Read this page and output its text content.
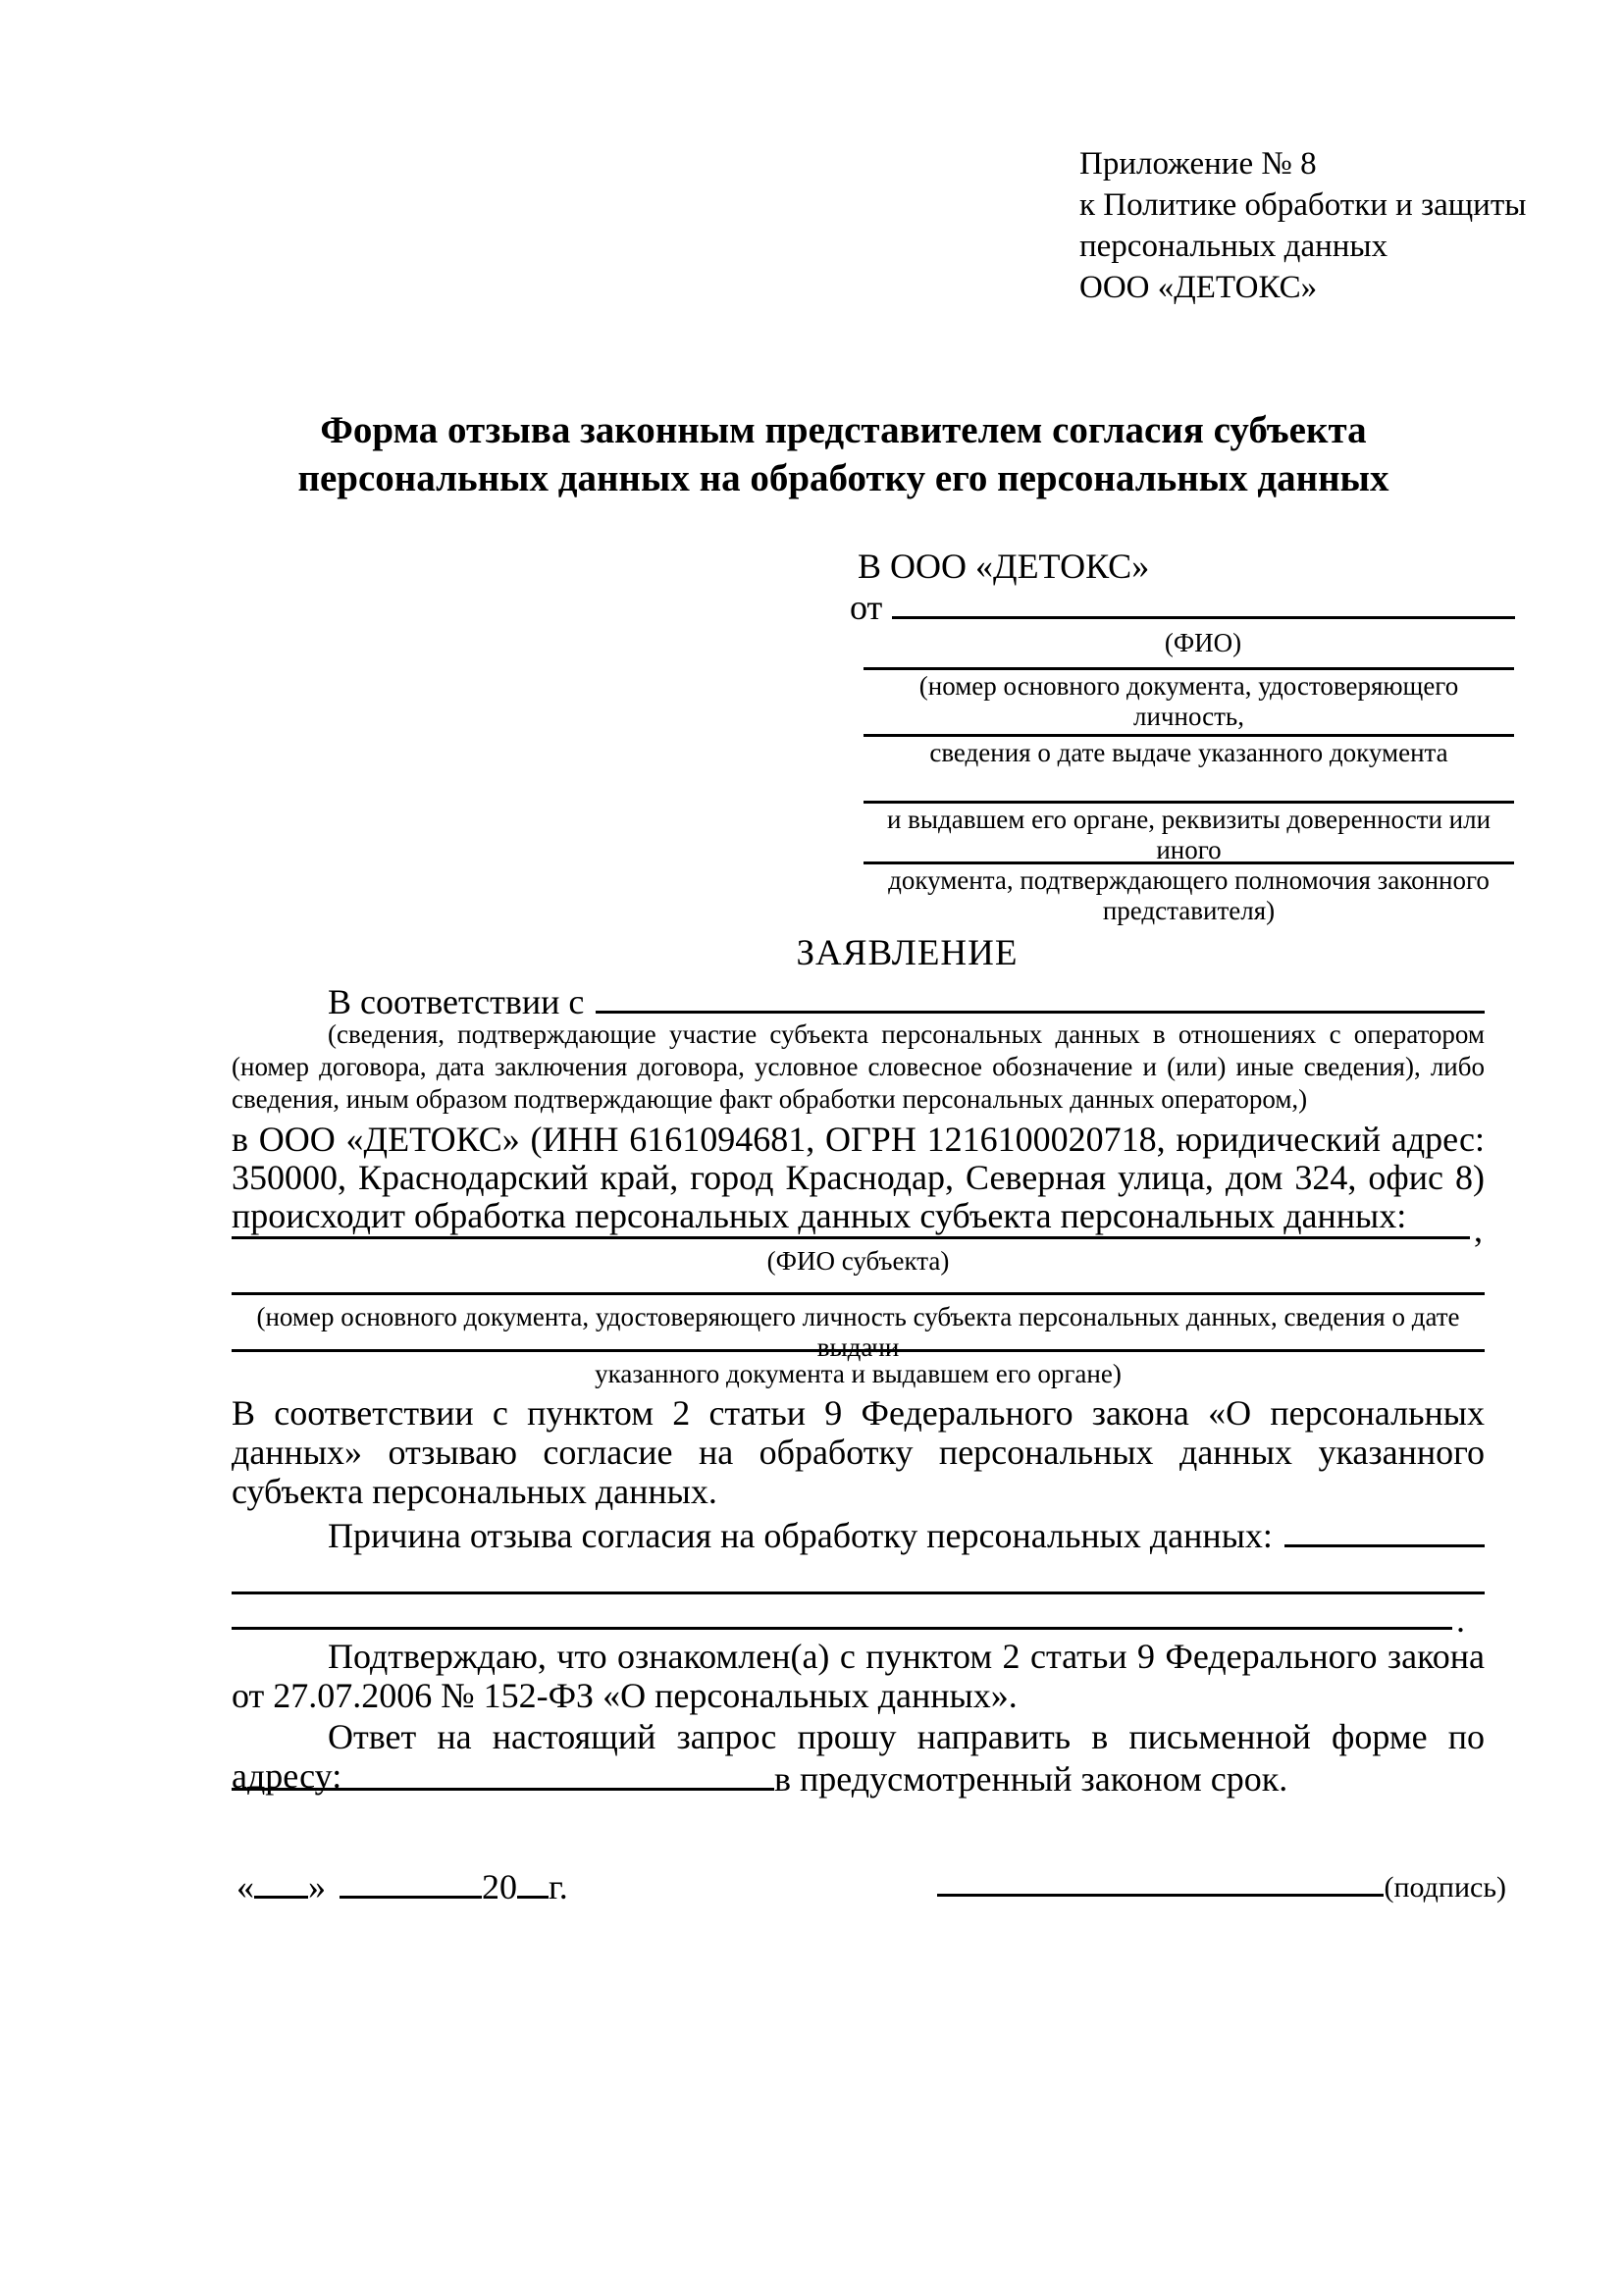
Приложение № 8
к Политике обработки и защиты
персональных данных
ООО «ДЕТОКС»
Форма отзыва законным представителем согласия субъекта
персональных данных на обработку его персональных данных
В ООО «ДЕТОКС»
от
(ФИО)
(номер основного документа, удостоверяющего личность,
сведения о дате выдаче указанного документа
и выдавшем его органе, реквизиты доверенности или иного
документа, подтверждающего полномочия законного представителя)
ЗАЯВЛЕНИЕ
В соответствии с
(сведения, подтверждающие участие субъекта персональных данных в отношениях с оператором (номер договора, дата заключения договора, условное словесное обозначение и (или) иные сведения), либо сведения, иным образом подтверждающие факт обработки персональных данных оператором,)
в ООО «ДЕТОКС» (ИНН 6161094681, ОГРН 1216100020718, юридический адрес: 350000, Краснодарский край, город Краснодар, Северная улица, дом 324, офис 8) происходит обработка персональных данных субъекта персональных данных:	,
(ФИО субъекта)
(номер основного документа, удостоверяющего личность субъекта персональных данных, сведения о дате выдачи
указанного документа и выдавшем его органе)
В соответствии с пунктом 2 статьи 9 Федерального закона «О персональных данных» отзываю согласие на обработку персональных данных указанного субъекта персональных данных.
Причина отзыва согласия на обработку персональных данных:
.
Подтверждаю, что ознакомлен(а) с пунктом 2 статьи 9 Федерального закона от 27.07.2006 № 152-ФЗ «О персональных данных».
Ответ на настоящий запрос прошу направить в письменной форме по адресу:	в предусмотренный законом срок.
« »	20 г.	(подпись)
